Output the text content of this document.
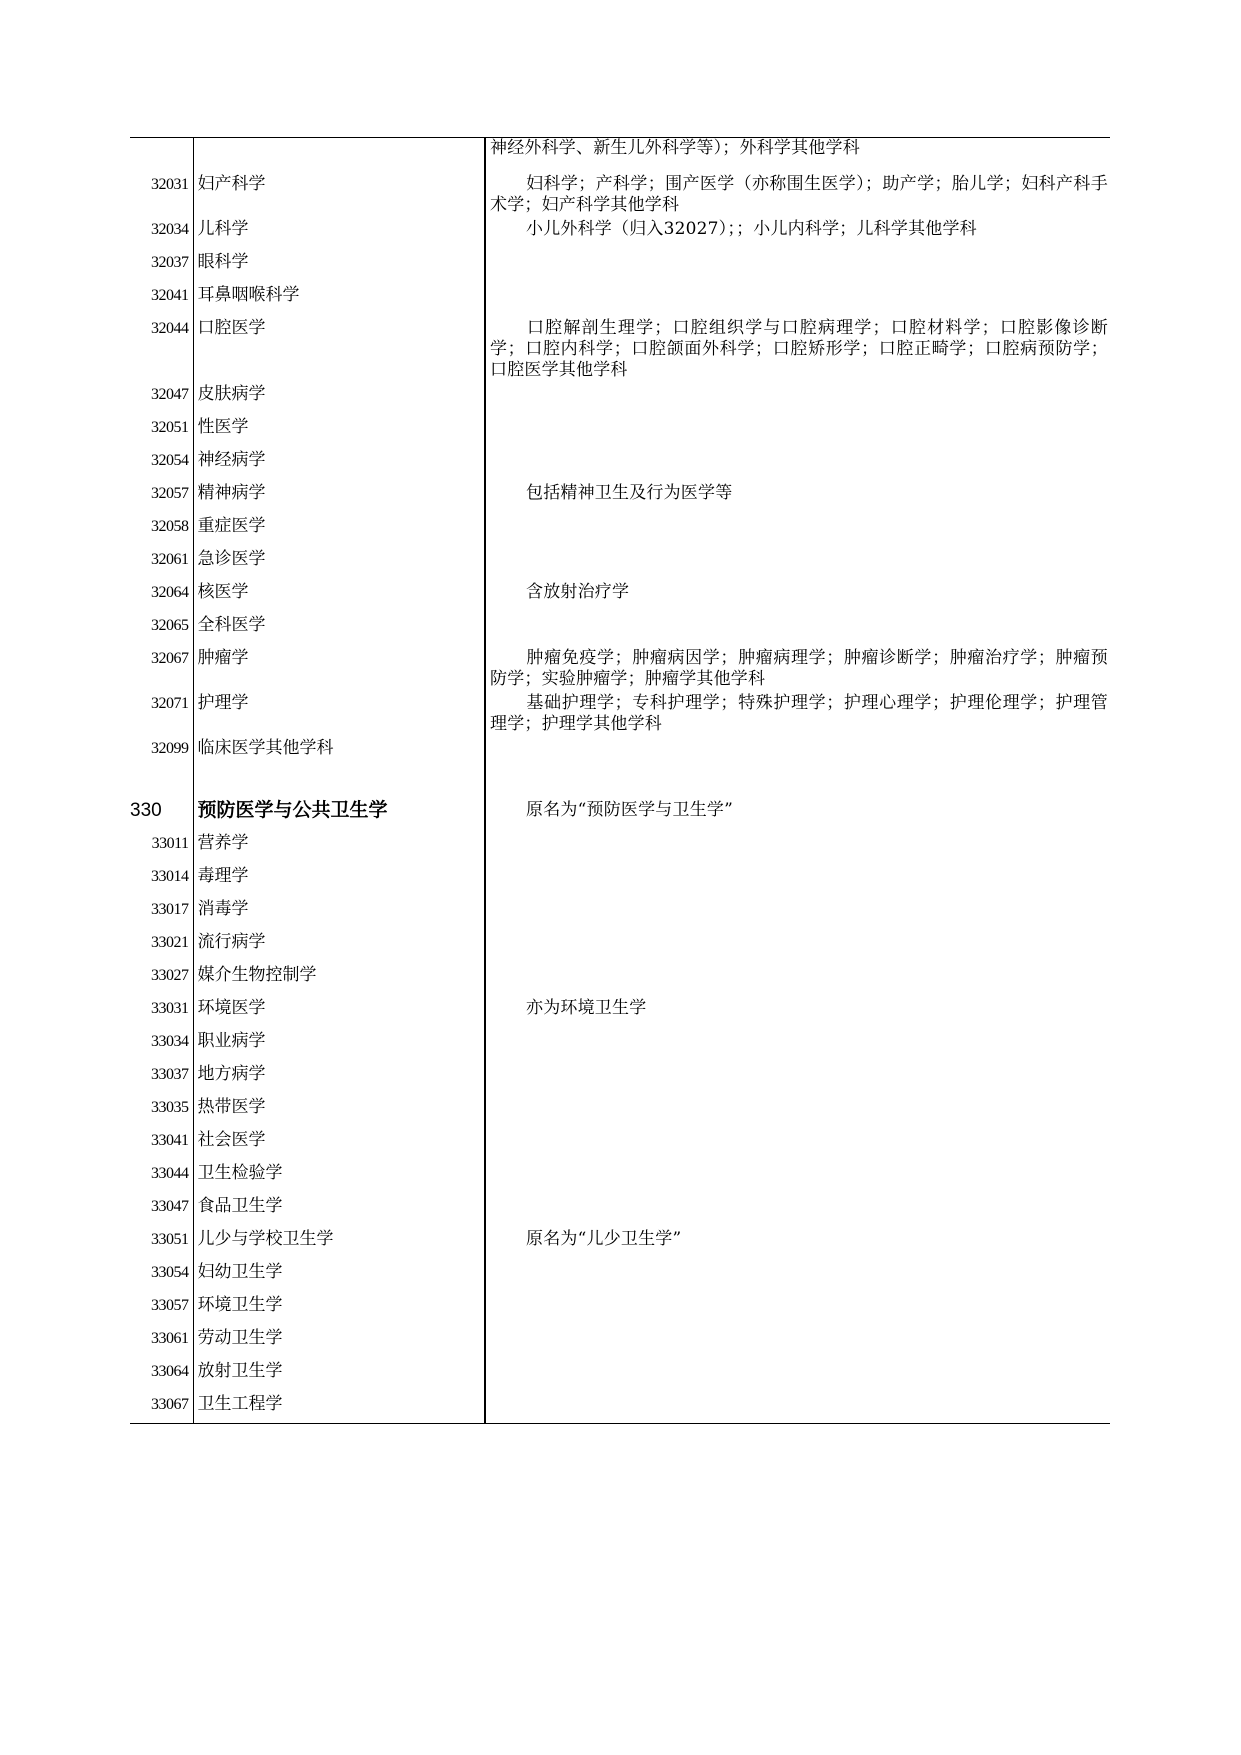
		神经外科学、新生儿外科学等）；外科学其他学科
32031	妇产科学	妇科学；产科学；围产医学（亦称围生医学）；助产学；胎儿学；妇科产科手术学；妇产科学其他学科
32034	儿科学	小儿外科学（归入32027）；；小儿内科学；儿科学其他学科
32037	眼科学	
32041	耳鼻咽喉科学	
32044	口腔医学	口腔解剖生理学；口腔组织学与口腔病理学；口腔材料学；口腔影像诊断学；口腔内科学；口腔颌面外科学；口腔矫形学；口腔正畸学；口腔病预防学；口腔医学其他学科
32047	皮肤病学	
32051	性医学	
32054	神经病学	
32057	精神病学	包括精神卫生及行为医学等
32058	重症医学	
32061	急诊医学	
32064	核医学	含放射治疗学
32065	全科医学	
32067	肿瘤学	肿瘤免疫学；肿瘤病因学；肿瘤病理学；肿瘤诊断学；肿瘤治疗学；肿瘤预防学；实验肿瘤学；肿瘤学其他学科
32071	护理学	基础护理学；专科护理学；特殊护理学；护理心理学；护理伦理学；护理管理学；护理学其他学科
32099	临床医学其他学科	

330	预防医学与公共卫生学	原名为“预防医学与卫生学”
33011	营养学	
33014	毒理学	
33017	消毒学	
33021	流行病学	
33027	媒介生物控制学	
33031	环境医学	亦为环境卫生学
33034	职业病学	
33037	地方病学	
33035	热带医学	
33041	社会医学	
33044	卫生检验学	
33047	食品卫生学	
33051	儿少与学校卫生学	原名为“儿少卫生学”
33054	妇幼卫生学	
33057	环境卫生学	
33061	劳动卫生学	
33064	放射卫生学	
33067	卫生工程学	
